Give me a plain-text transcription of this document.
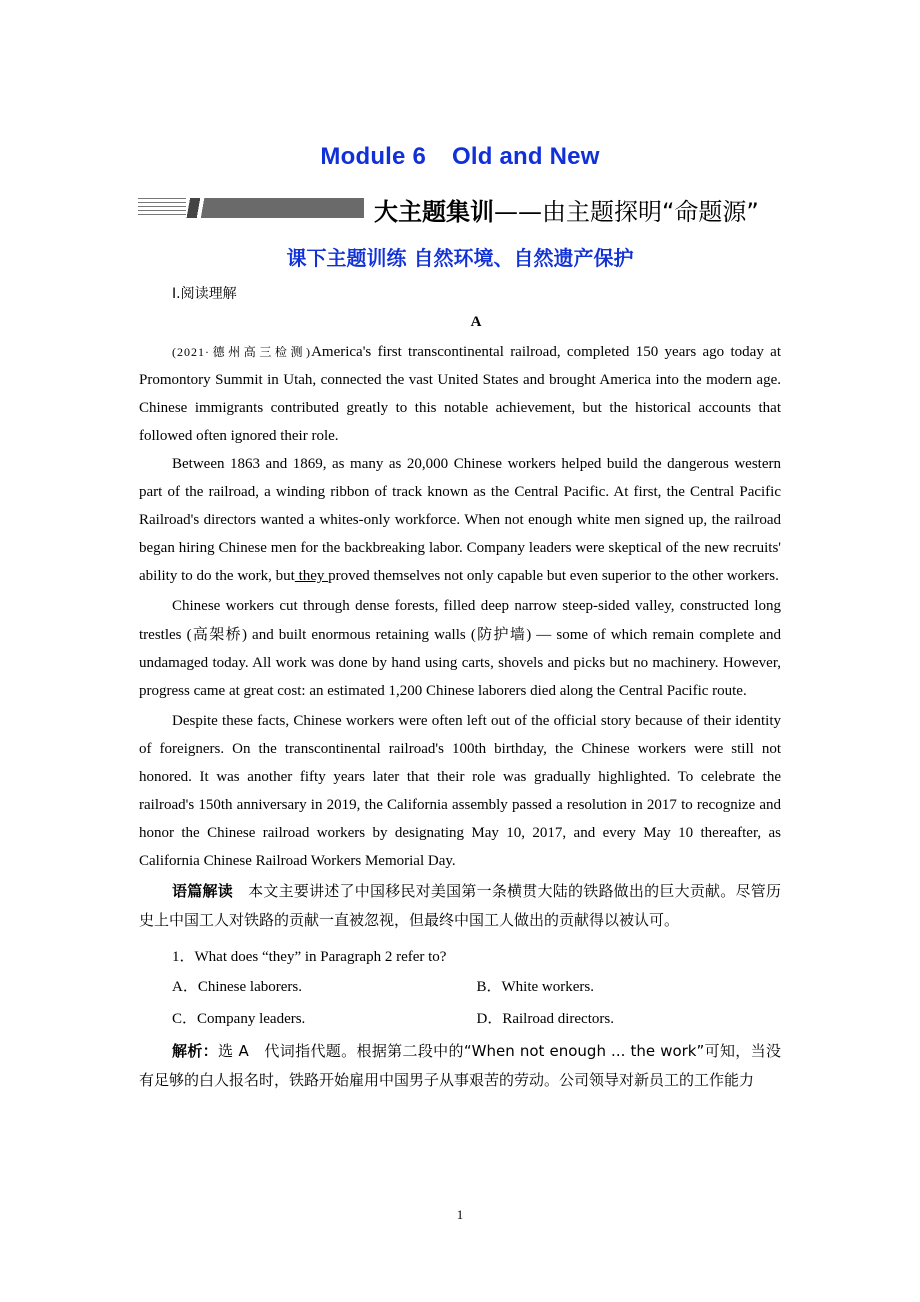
Module 6 Old and New
大主题集训——由主题探明“命题源”
课下主题训练 自然环境、自然遗产保护
Ⅰ.阅读理解
A

(2021·德州高三检测)America's first transcontinental railroad, completed 150 years ago today at Promontory Summit in Utah, connected the vast United States and brought America into the modern age. Chinese immigrants contributed greatly to this notable achievement, but the historical accounts that followed often ignored their role.

Between 1863 and 1869, as many as 20,000 Chinese workers helped build the dangerous western part of the railroad, a winding ribbon of track known as the Central Pacific. At first, the Central Pacific Railroad's directors wanted a whites-only workforce. When not enough white men signed up, the railroad began hiring Chinese men for the backbreaking labor. Company leaders were skeptical of the new recruits' ability to do the work, but they proved themselves not only capable but even superior to the other workers.

Chinese workers cut through dense forests, filled deep narrow steep-sided valley, constructed long trestles (高架桥) and built enormous retaining walls (防护墙) — some of which remain complete and undamaged today. All work was done by hand using carts, shovels and picks but no machinery. However, progress came at great cost: an estimated 1,200 Chinese laborers died along the Central Pacific route.

Despite these facts, Chinese workers were often left out of the official story because of their identity of foreigners. On the transcontinental railroad's 100th birthday, the Chinese workers were still not honored. It was another fifty years later that their role was gradually highlighted. To celebrate the railroad's 150th anniversary in 2019, the California assembly passed a resolution in 2017 to recognize and honor the Chinese railroad workers by designating May 10, 2017, and every May 10 thereafter, as California Chinese Railroad Workers Memorial Day.

语篇解读　 本文主要讲述了中国移民对美国第一条横贯大陆的铁路做出的巨大贡献。尽管历史上中国工人对铁路的贡献一直被忽视，但最终中国工人做出的贡献得以被认可。

1．What does “they” in Paragraph 2 refer to?

A．Chinese laborers.	B．White workers.
C．Company leaders.	D．Railroad directors.

解析：选 A　代词指代题。根据第二段中的“When not enough ... the work”可知，当没有足够的白人报名时，铁路开始雇用中国男子从事艰苦的劳动。公司领导对新员工的工作能力

1
